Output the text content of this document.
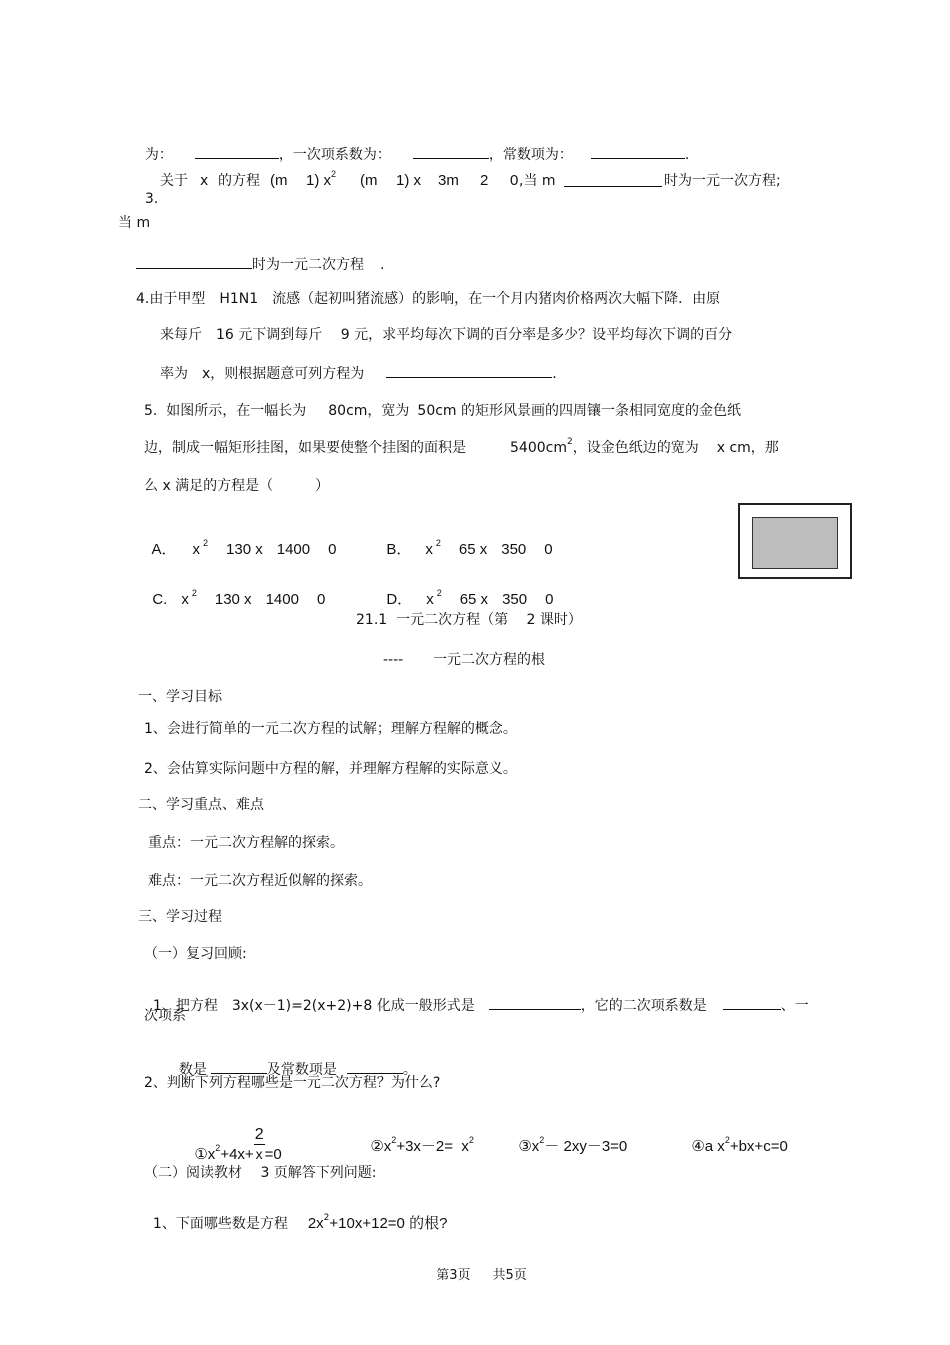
为：	，一次项系数为：	，常数项为：	.

3.

关于 x 的方程 (m 1) $x^2$ (m 1) x 3m 2 0 ,当 m	时为一元一次方程;
当 m
时为一元二次方程 .
4.由于甲型　H1N1　流感（起初叫猪流感）的影响，在一个月内猪肉价格两次大幅下降．由原
来每斤　16 元下调到每斤　 9 元，求平均每次下调的百分率是多少？设平均每次下调的百分
率为　x，则根据题意可列方程为	.
5.  如图所示，在一幅长为 80cm，宽为 50cm 的矩形风景画的四周镶一条相同宽度的金色纸
边，制成一幅矩形挂图，如果要使整个挂图的面积是	$5400cm^2$，设金色纸边的宽为 x cm，那
么 x 满足的方程是（　　　）

A． x $^2$ 130 x 1400 0	B． x $^2$ 65 x 350 0

C. x $^2$ 130 x 1400 0	D． x $^2$ 65 x 350 0

21.1  一元二次方程（第　 2 课时）
---- 一元二次方程的根
一、学习目标
1、会进行简单的一元二次方程的试解；理解方程解的概念。
2、会估算实际问题中方程的解，并理解方程解的实际意义。
二、学习重点、难点
重点：一元二次方程解的探索。
难点：一元二次方程近似解的探索。
三、学习过程
（一）复习回顾:

1、把方程　3x(x－1)=2(x+2)+8 化成一般形式是	，它的二次项系数是	、一

次项系

数是	及常数项是	。

2、判断下列方程哪些是一元二次方程？为什么?

$①x_2+4x+ \frac{2}{x} =0$	$②x^2+3x-2= x^2$	$③x^2- 2xy-3=0$	④a $x^2+bx+c=0$

（二）阅读教材　 3 页解答下列问题:

1、下面哪些数是方程 $2x^2+10x+12=0$ 的根?

第3页 共5页
